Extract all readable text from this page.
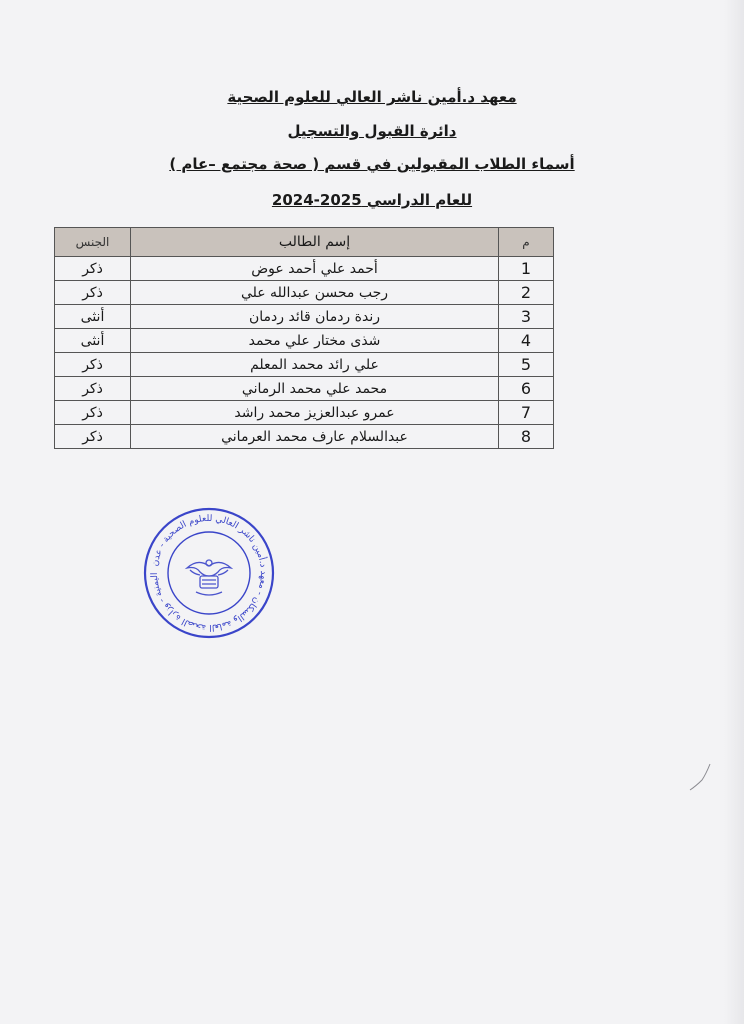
معهد د.أمين ناشر العالي للعلوم الصحية
دائرة القبول والتسجيل
أسماء الطلاب المقبولين في قسم ( صحة مجتمع –عام )
للعام الدراسي 2025-2024
م	إسم الطالب	الجنس
1	أحمد علي أحمد عوض	ذكر
2	رجب محسن عبدالله علي	ذكر
3	رندة ردمان قائد ردمان	أنثى
4	شذى مختار علي محمد	أنثى
5	علي رائد محمد المعلم	ذكر
6	محمد علي محمد الرماني	ذكر
7	عمرو عبدالعزيز محمد راشد	ذكر
8	عبدالسلام عارف محمد العرماني	ذكر
اليمنية - وزارة الصحة العامة والسكان - معهد د.أمين ناشر العالي للعلوم الصحية - عدن
